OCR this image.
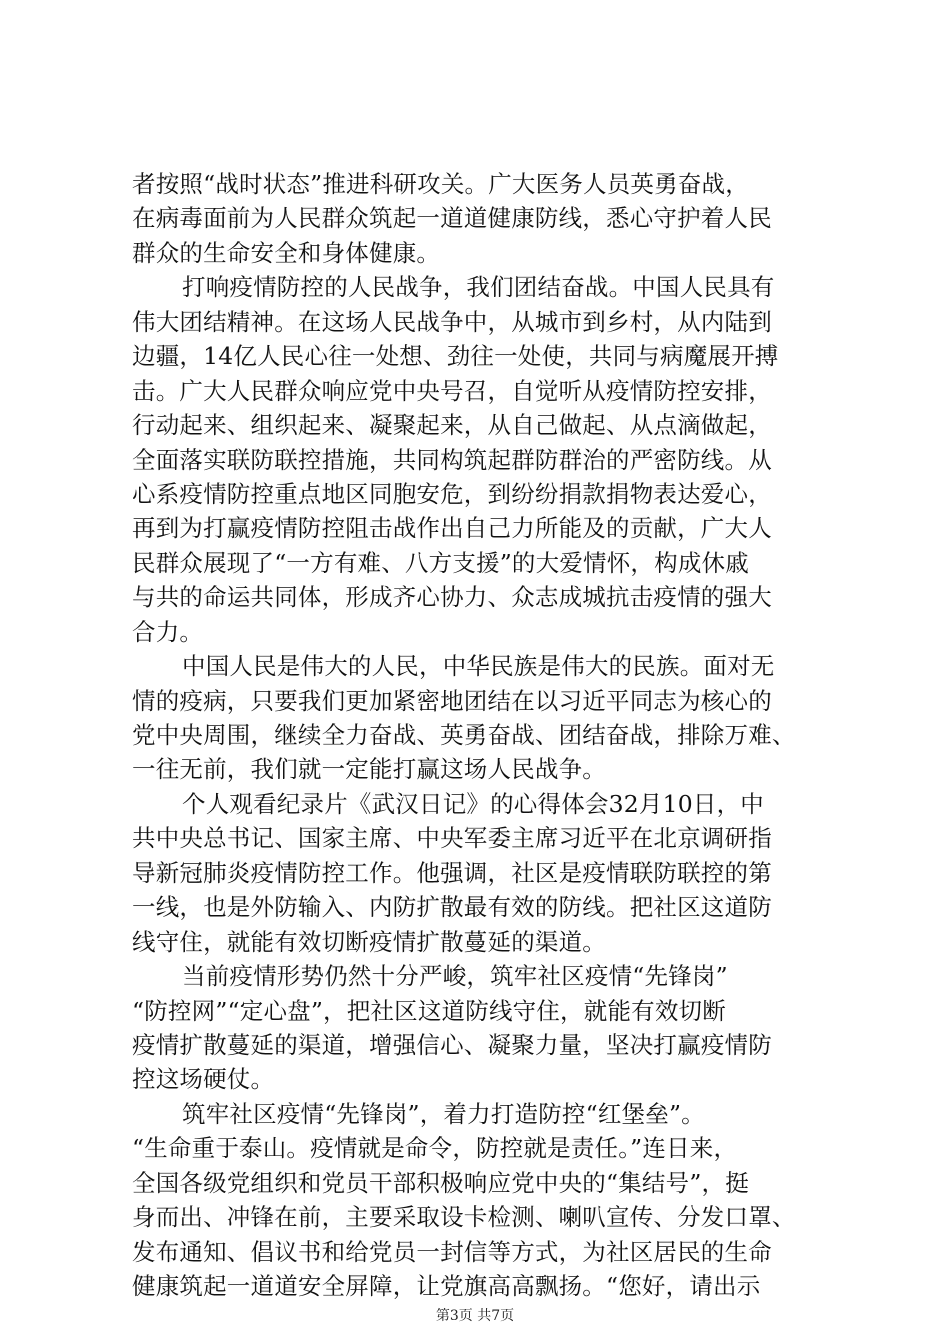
者按照“战时状态”推进科研攻关。广大医务人员英勇奋战，
在病毒面前为人民群众筑起一道道健康防线，悉心守护着人民
群众的生命安全和身体健康。
打响疫情防控的人民战争，我们团结奋战。中国人民具有
伟大团结精神。在这场人民战争中，从城市到乡村，从内陆到
边疆，14亿人民心往一处想、劲往一处使，共同与病魔展开搏
击。广大人民群众响应党中央号召，自觉听从疫情防控安排，
行动起来、组织起来、凝聚起来，从自己做起、从点滴做起，
全面落实联防联控措施，共同构筑起群防群治的严密防线。从
心系疫情防控重点地区同胞安危，到纷纷捐款捐物表达爱心，
再到为打赢疫情防控阻击战作出自己力所能及的贡献，广大人
民群众展现了“一方有难、八方支援”的大爱情怀，构成休戚
与共的命运共同体，形成齐心协力、众志成城抗击疫情的强大
合力。
中国人民是伟大的人民，中华民族是伟大的民族。面对无
情的疫病，只要我们更加紧密地团结在以习近平同志为核心的
党中央周围，继续全力奋战、英勇奋战、团结奋战，排除万难、
一往无前，我们就一定能打赢这场人民战争。
个人观看纪录片《武汉日记》的心得体会32月10日，中
共中央总书记、国家主席、中央军委主席习近平在北京调研指
导新冠肺炎疫情防控工作。他强调，社区是疫情联防联控的第
一线，也是外防输入、内防扩散最有效的防线。把社区这道防
线守住，就能有效切断疫情扩散蔓延的渠道。
当前疫情形势仍然十分严峻，筑牢社区疫情“先锋岗”
“防控网”“定心盘”，把社区这道防线守住，就能有效切断
疫情扩散蔓延的渠道，增强信心、凝聚力量，坚决打赢疫情防
控这场硬仗。
筑牢社区疫情“先锋岗”，着力打造防控“红堡垒”。
“生命重于泰山。疫情就是命令，防控就是责任。”连日来，
全国各级党组织和党员干部积极响应党中央的“集结号”，挺
身而出、冲锋在前，主要采取设卡检测、喇叭宣传、分发口罩、
发布通知、倡议书和给党员一封信等方式，为社区居民的生命
健康筑起一道道安全屏障，让党旗高高飘扬。“您好，请出示
第3页 共7页
